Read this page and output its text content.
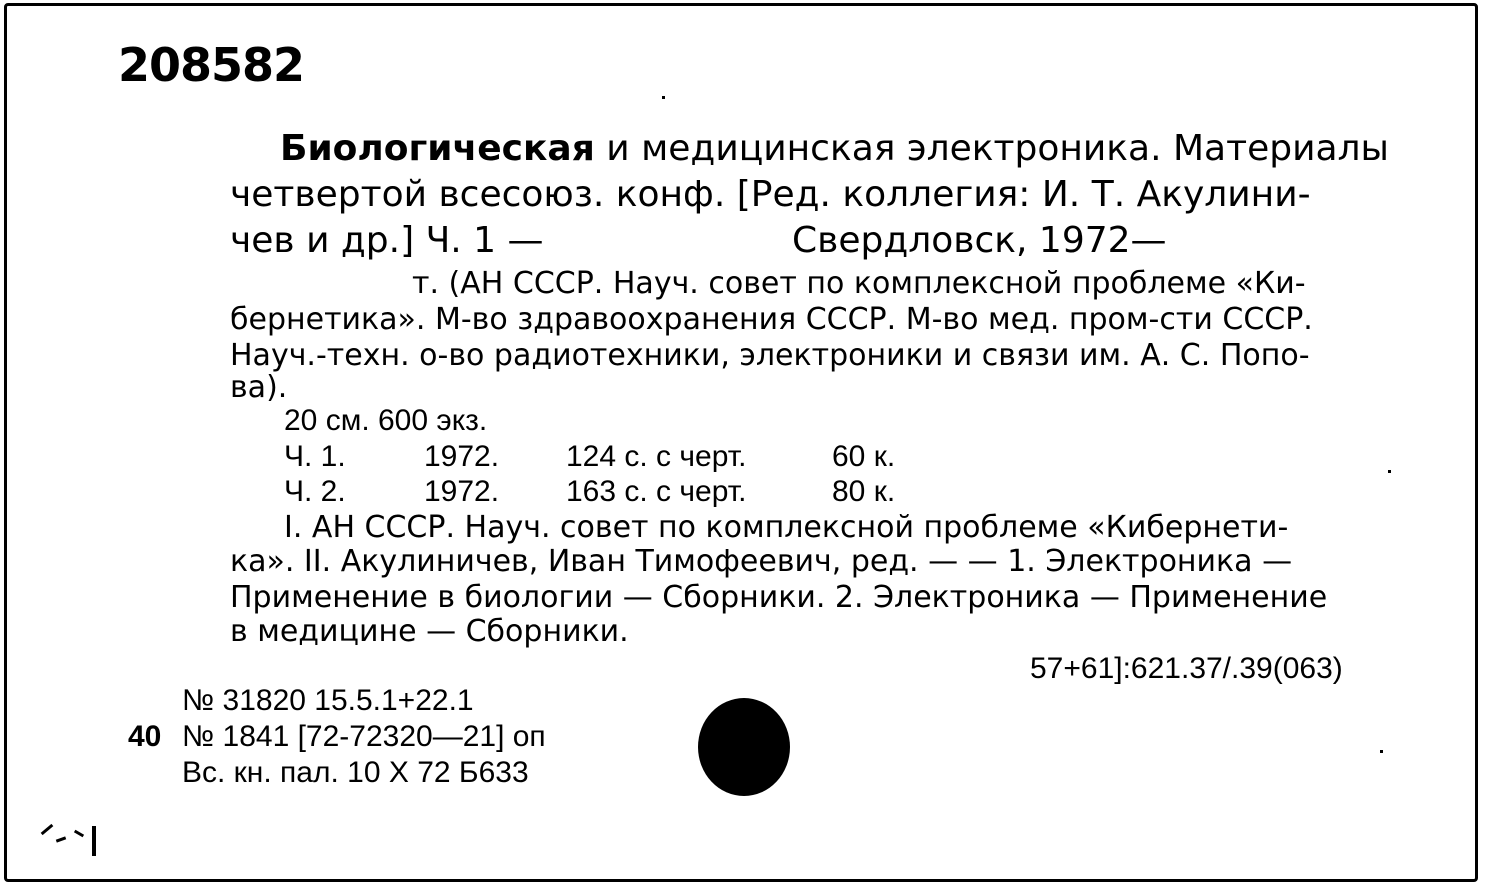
208582
Биологическая и медицинская электроника. Материалы
четвертой всесоюз. конф. [Ред. коллегия: И. Т. Акулини-
чев и др.] Ч. 1 —	Свердловск, 1972—
т. (АН СССР. Науч. совет по комплексной проблеме «Ки-
бернетика». М-во здравоохранения СССР. М-во мед. пром-сти СССР.
Науч.-техн. о-во радиотехники, электроники и связи им. А. С. Попо-
ва).
20 см. 600 экз.
Ч. 1.	1972. 124 с. с черт.	60 к.
Ч. 2.	1972. 163 с. с черт.	80 к.
I. АН СССР. Науч. совет по комплексной проблеме «Кибернети-
ка». II. Акулиничев, Иван Тимофеевич, ред. — — 1. Электроника —
Применение в биологии — Сборники. 2. Электроника — Применение
в медицине — Сборники.
57+61]:621.37/.39(063)
№ 31820 15.5.1+22.1
40 № 1841 [72-72320—21] оп
Вс. кн. пал. 10 Х 72 Б633
